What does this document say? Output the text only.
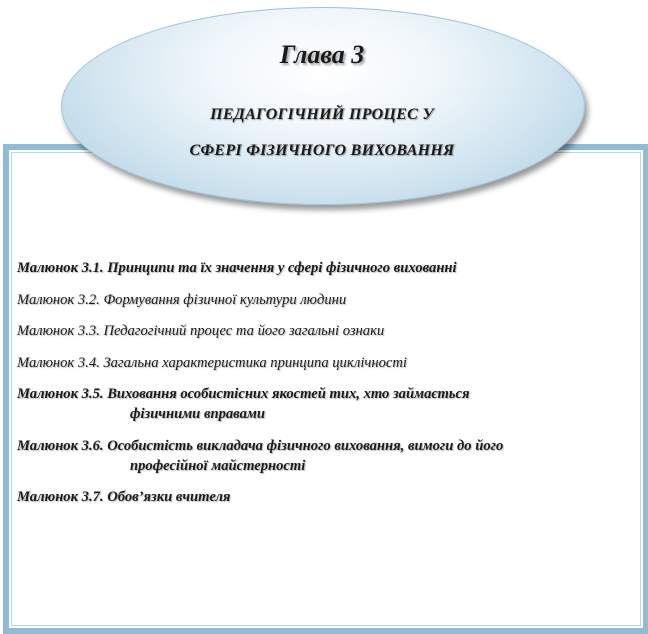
Глава 3
ПЕДАГОГІЧНИЙ ПРОЦЕС У
СФЕРІ ФІЗИЧНОГО ВИХОВАННЯ
Малюнок 3.1. Принципи та їх значення у сфері фізичного вихованні
Малюнок 3.2. Формування фізичної культури людини
Малюнок 3.3. Педагогічний процес та його загальні ознаки
Малюнок 3.4. Загальна характеристика принципа циклічності
Малюнок 3.5. Виховання особистісних якостей тих, хто займається
фізичними вправами
Малюнок 3.6. Особистість викладача фізичного виховання, вимоги до його
професійної майстерності
Малюнок 3.7. Обов’язки вчителя
